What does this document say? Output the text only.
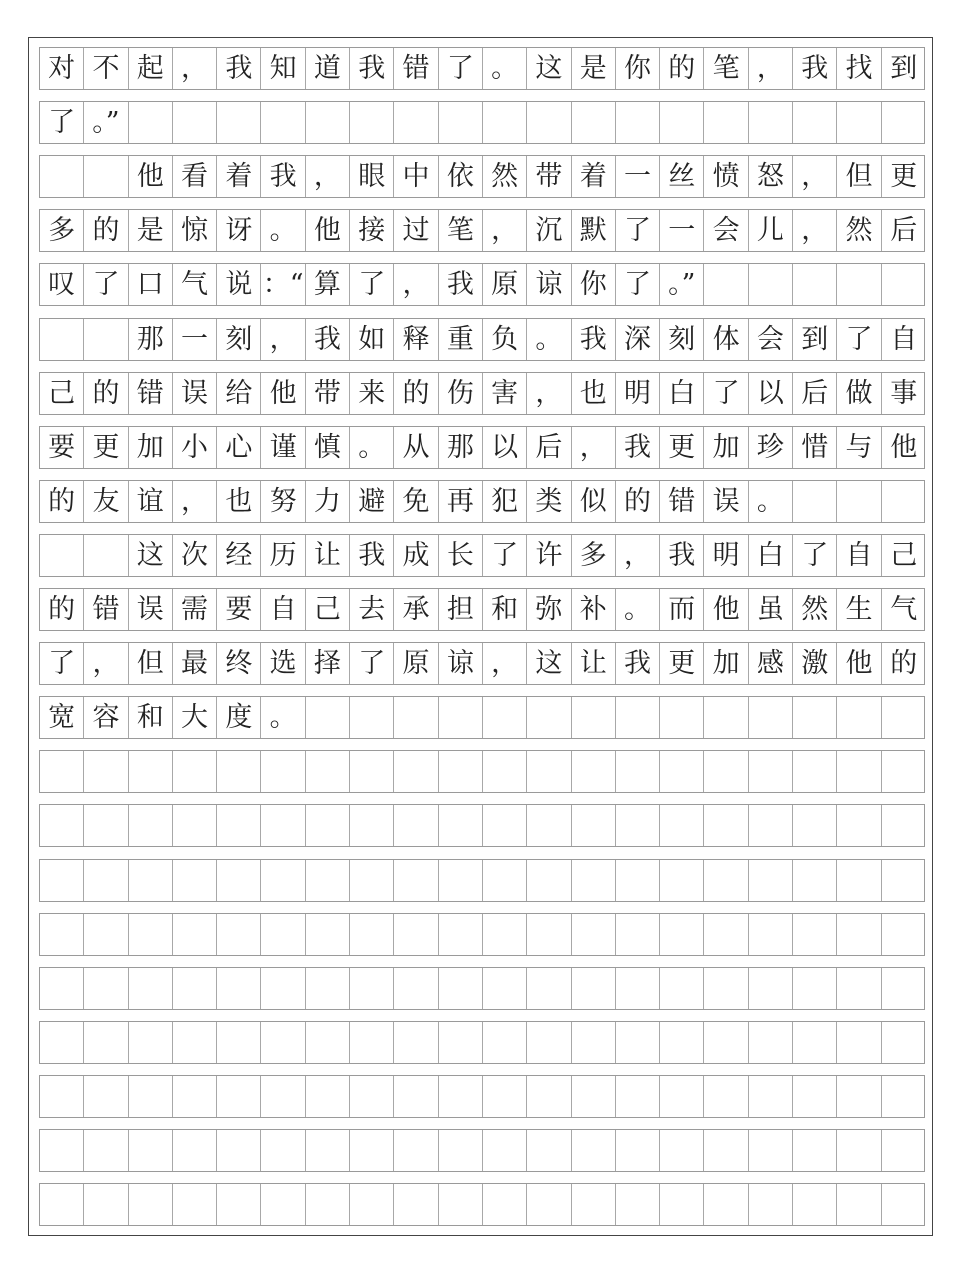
对 不 起 ， 我 知 道 我 错 了 。 这 是 你 的 笔 ， 我 找 到
了 。”
他 看 着 我 ， 眼 中 依 然 带 着 一 丝 愤 怒 ， 但 更
多 的 是 惊 讶 。 他 接 过 笔 ， 沉 默 了 一 会 儿 ， 然 后
叹 了 口 气 说 ：“ 算 了 ， 我 原 谅 你 了 。”
那 一 刻 ， 我 如 释 重 负 。 我 深 刻 体 会 到 了 自
己 的 错 误 给 他 带 来 的 伤 害 ， 也 明 白 了 以 后 做 事
要 更 加 小 心 谨 慎 。 从 那 以 后 ， 我 更 加 珍 惜 与 他
的 友 谊 ， 也 努 力 避 免 再 犯 类 似 的 错 误 。
这 次 经 历 让 我 成 长 了 许 多 ， 我 明 白 了 自 己
的 错 误 需 要 自 己 去 承 担 和 弥 补 。 而 他 虽 然 生 气
了 ， 但 最 终 选 择 了 原 谅 ， 这 让 我 更 加 感 激 他 的
宽 容 和 大 度 。
